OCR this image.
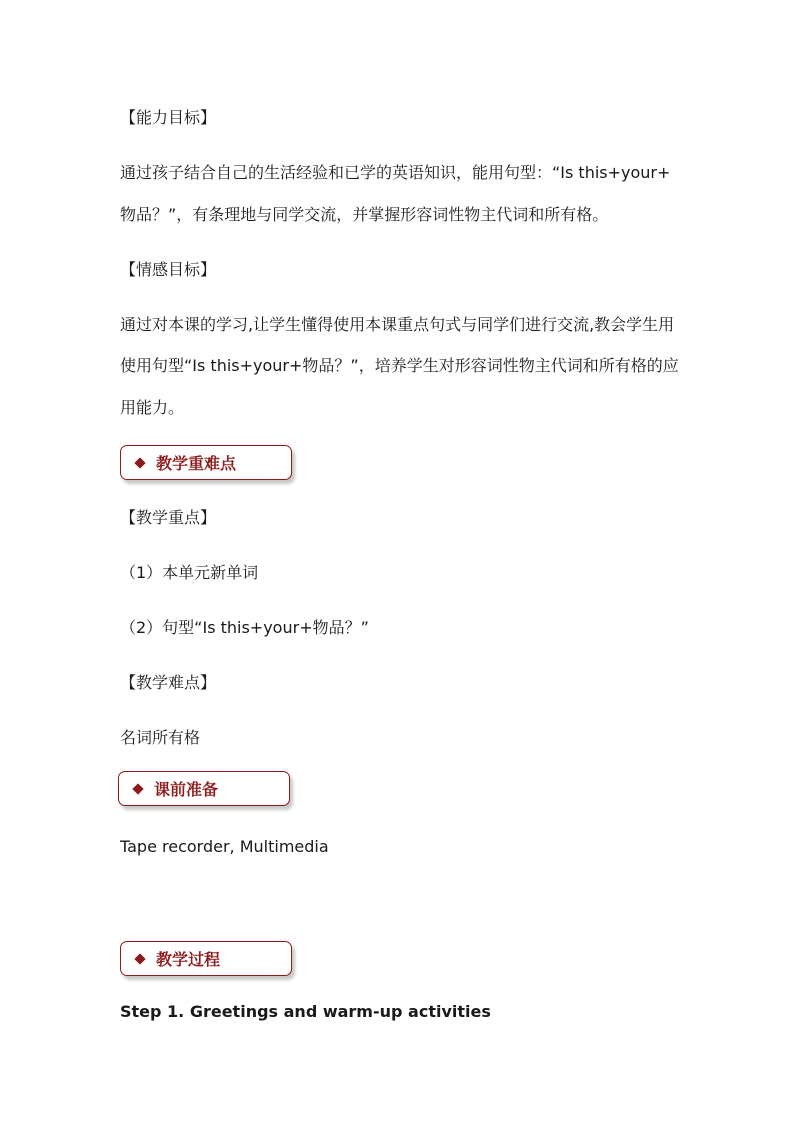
【能力目标】

通过孩子结合自己的生活经验和已学的英语知识，能用句型：“Is this+your+

物品？”，有条理地与同学交流，并掌握形容词性物主代词和所有格。

【情感目标】

通过对本课的学习,让学生懂得使用本课重点句式与同学们进行交流,教会学生用

使用句型“Is this+your+物品？”，培养学生对形容词性物主代词和所有格的应

用能力。

教学重难点

【教学重点】

（1）本单元新单词

（2）句型“Is this+your+物品？”

【教学难点】

名词所有格

课前准备

Tape recorder, Multimedia

教学过程

Step 1. Greetings and warm-up activities
